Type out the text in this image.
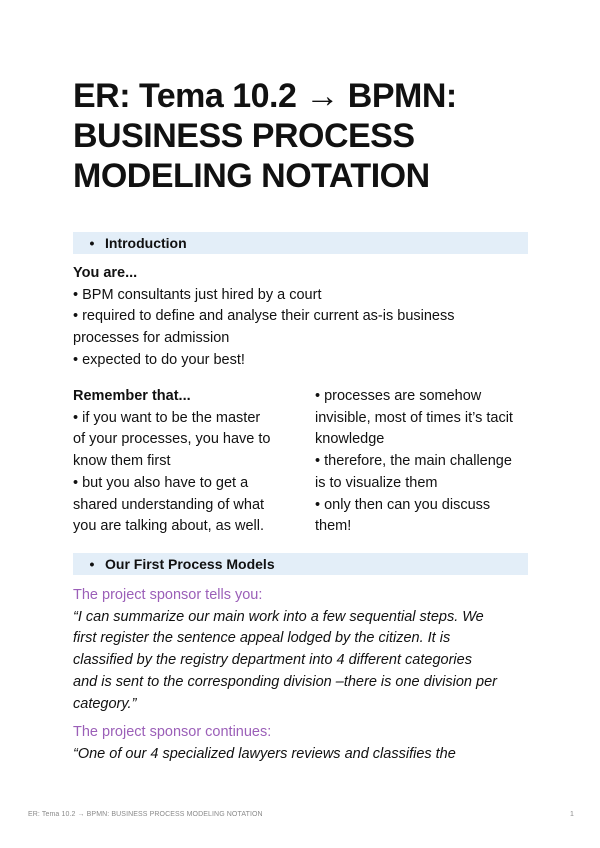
ER: Tema 10.2 → BPMN:
BUSINESS PROCESS
MODELING NOTATION
• Introduction
You are...
• BPM consultants just hired by a court
• required to define and analyse their current as-is business
processes for admission
• expected to do your best!
Remember that...
• if you want to be the master
of your processes, you have to
know them first
• but you also have to get a
shared understanding of what
you are talking about, as well.
• processes are somehow
invisible, most of times it’s tacit
knowledge
• therefore, the main challenge
is to visualize them
• only then can you discuss
them!
• Our First Process Models
The project sponsor tells you:
“I can summarize our main work into a few sequential steps. We
first register the sentence appeal lodged by the citizen. It is
classified by the registry department into 4 different categories
and is sent to the corresponding division –there is one division per
category.”
The project sponsor continues:
“One of our 4 specialized lawyers reviews and classifies the
ER: Tema 10.2 → BPMN: BUSINESS PROCESS MODELING NOTATION	1
